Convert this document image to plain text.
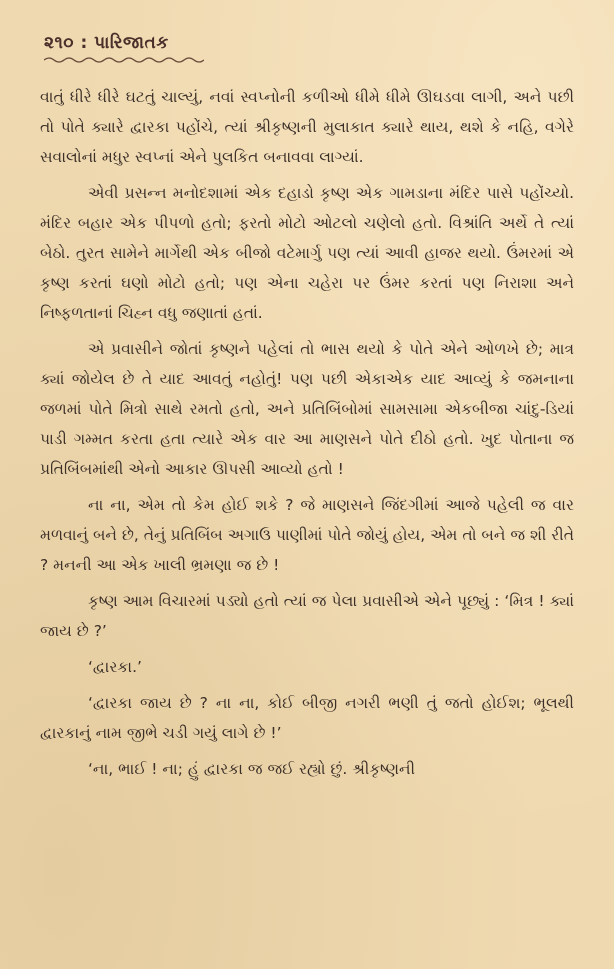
૨૧૦ : પારિજાતક

વાતું ધીરે ધીરે ઘટતું ચાલ્યું, નવાં સ્વપ્નોની કળીઓ ધીમે ધીમે ઊઘડવા લાગી, અને પછી તો પોતે ક્યારે દ્વારકા પહોંચે, ત્યાં શ્રીકૃષ્ણની મુલાકાત ક્યારે થાય, થશે કે નહિ, વગેરે સવાલોનાં મધુર સ્વપ્નાં એને પુલકિત બનાવવા લાગ્યાં.

એવી પ્રસન્ન મનોદશામાં એક દહાડો કૃષ્ણ એક ગામડાના મંદિર પાસે પહોંચ્યો. મંદિર બહાર એક પીપળો હતો; ફરતો મોટો ઓટલો ચણેલો હતો. વિશ્રાંતિ અર્થે તે ત્યાં બેઠો. તુરત સામેને માર્ગેથી એક બીજો વટેમાર્ગુ પણ ત્યાં આવી હાજર થયો. ઉંમરમાં એ કૃષ્ણ કરતાં ઘણો મોટો હતો; પણ એના ચહેરા પર ઉંમર કરતાં પણ નિરાશા અને નિષ્ફળતાનાં ચિહ્ન વધુ જણાતાં હતાં.

એ પ્રવાસીને જોતાં કૃષ્ણને પહેલાં તો ભાસ થયો કે પોતે એને ઓળખે છે; માત્ર ક્યાં જોયેલ છે તે યાદ આવતું નહોતું! પણ પછી એકાએક યાદ આવ્યું કે જમનાના જળમાં પોતે મિત્રો સાથે રમતો હતો, અને પ્રતિબિંબોમાં સામસામા એકબીજા ચાંદુ-ડિયાં પાડી ગમ્મત કરતા હતા ત્યારે એક વાર આ માણસને પોતે દીઠો હતો. ખુદ પોતાના જ પ્રતિબિંબમાંથી એનો આકાર ઊપસી આવ્યો હતો !

ના ના, એમ તો કેમ હોઈ શકે ? જે માણસને જિંદગીમાં આજે પહેલી જ વાર મળવાનું બને છે, તેનું પ્રતિબિંબ અગાઉ પાણીમાં પોતે જોયું હોય, એમ તો બને જ શી રીતે ? મનની આ એક ખાલી ભ્રમણા જ છે !

કૃષ્ણ આમ વિચારમાં પડ્યો હતો ત્યાં જ પેલા પ્રવાસીએ એને પૂછ્યું : ‘મિત્ર ! ક્યાં જાય છે ?’

‘દ્વારકા.’

‘દ્વારકા જાય છે ? ના ના, કોઈ બીજી નગરી ભણી તું જતો હોઈશ; ભૂલથી દ્વારકાનું નામ જીભે ચડી ગયું લાગે છે !’

‘ના, ભાઈ ! ના; હું દ્વારકા જ જઈ રહ્યો છું. શ્રીકૃષ્ણની
